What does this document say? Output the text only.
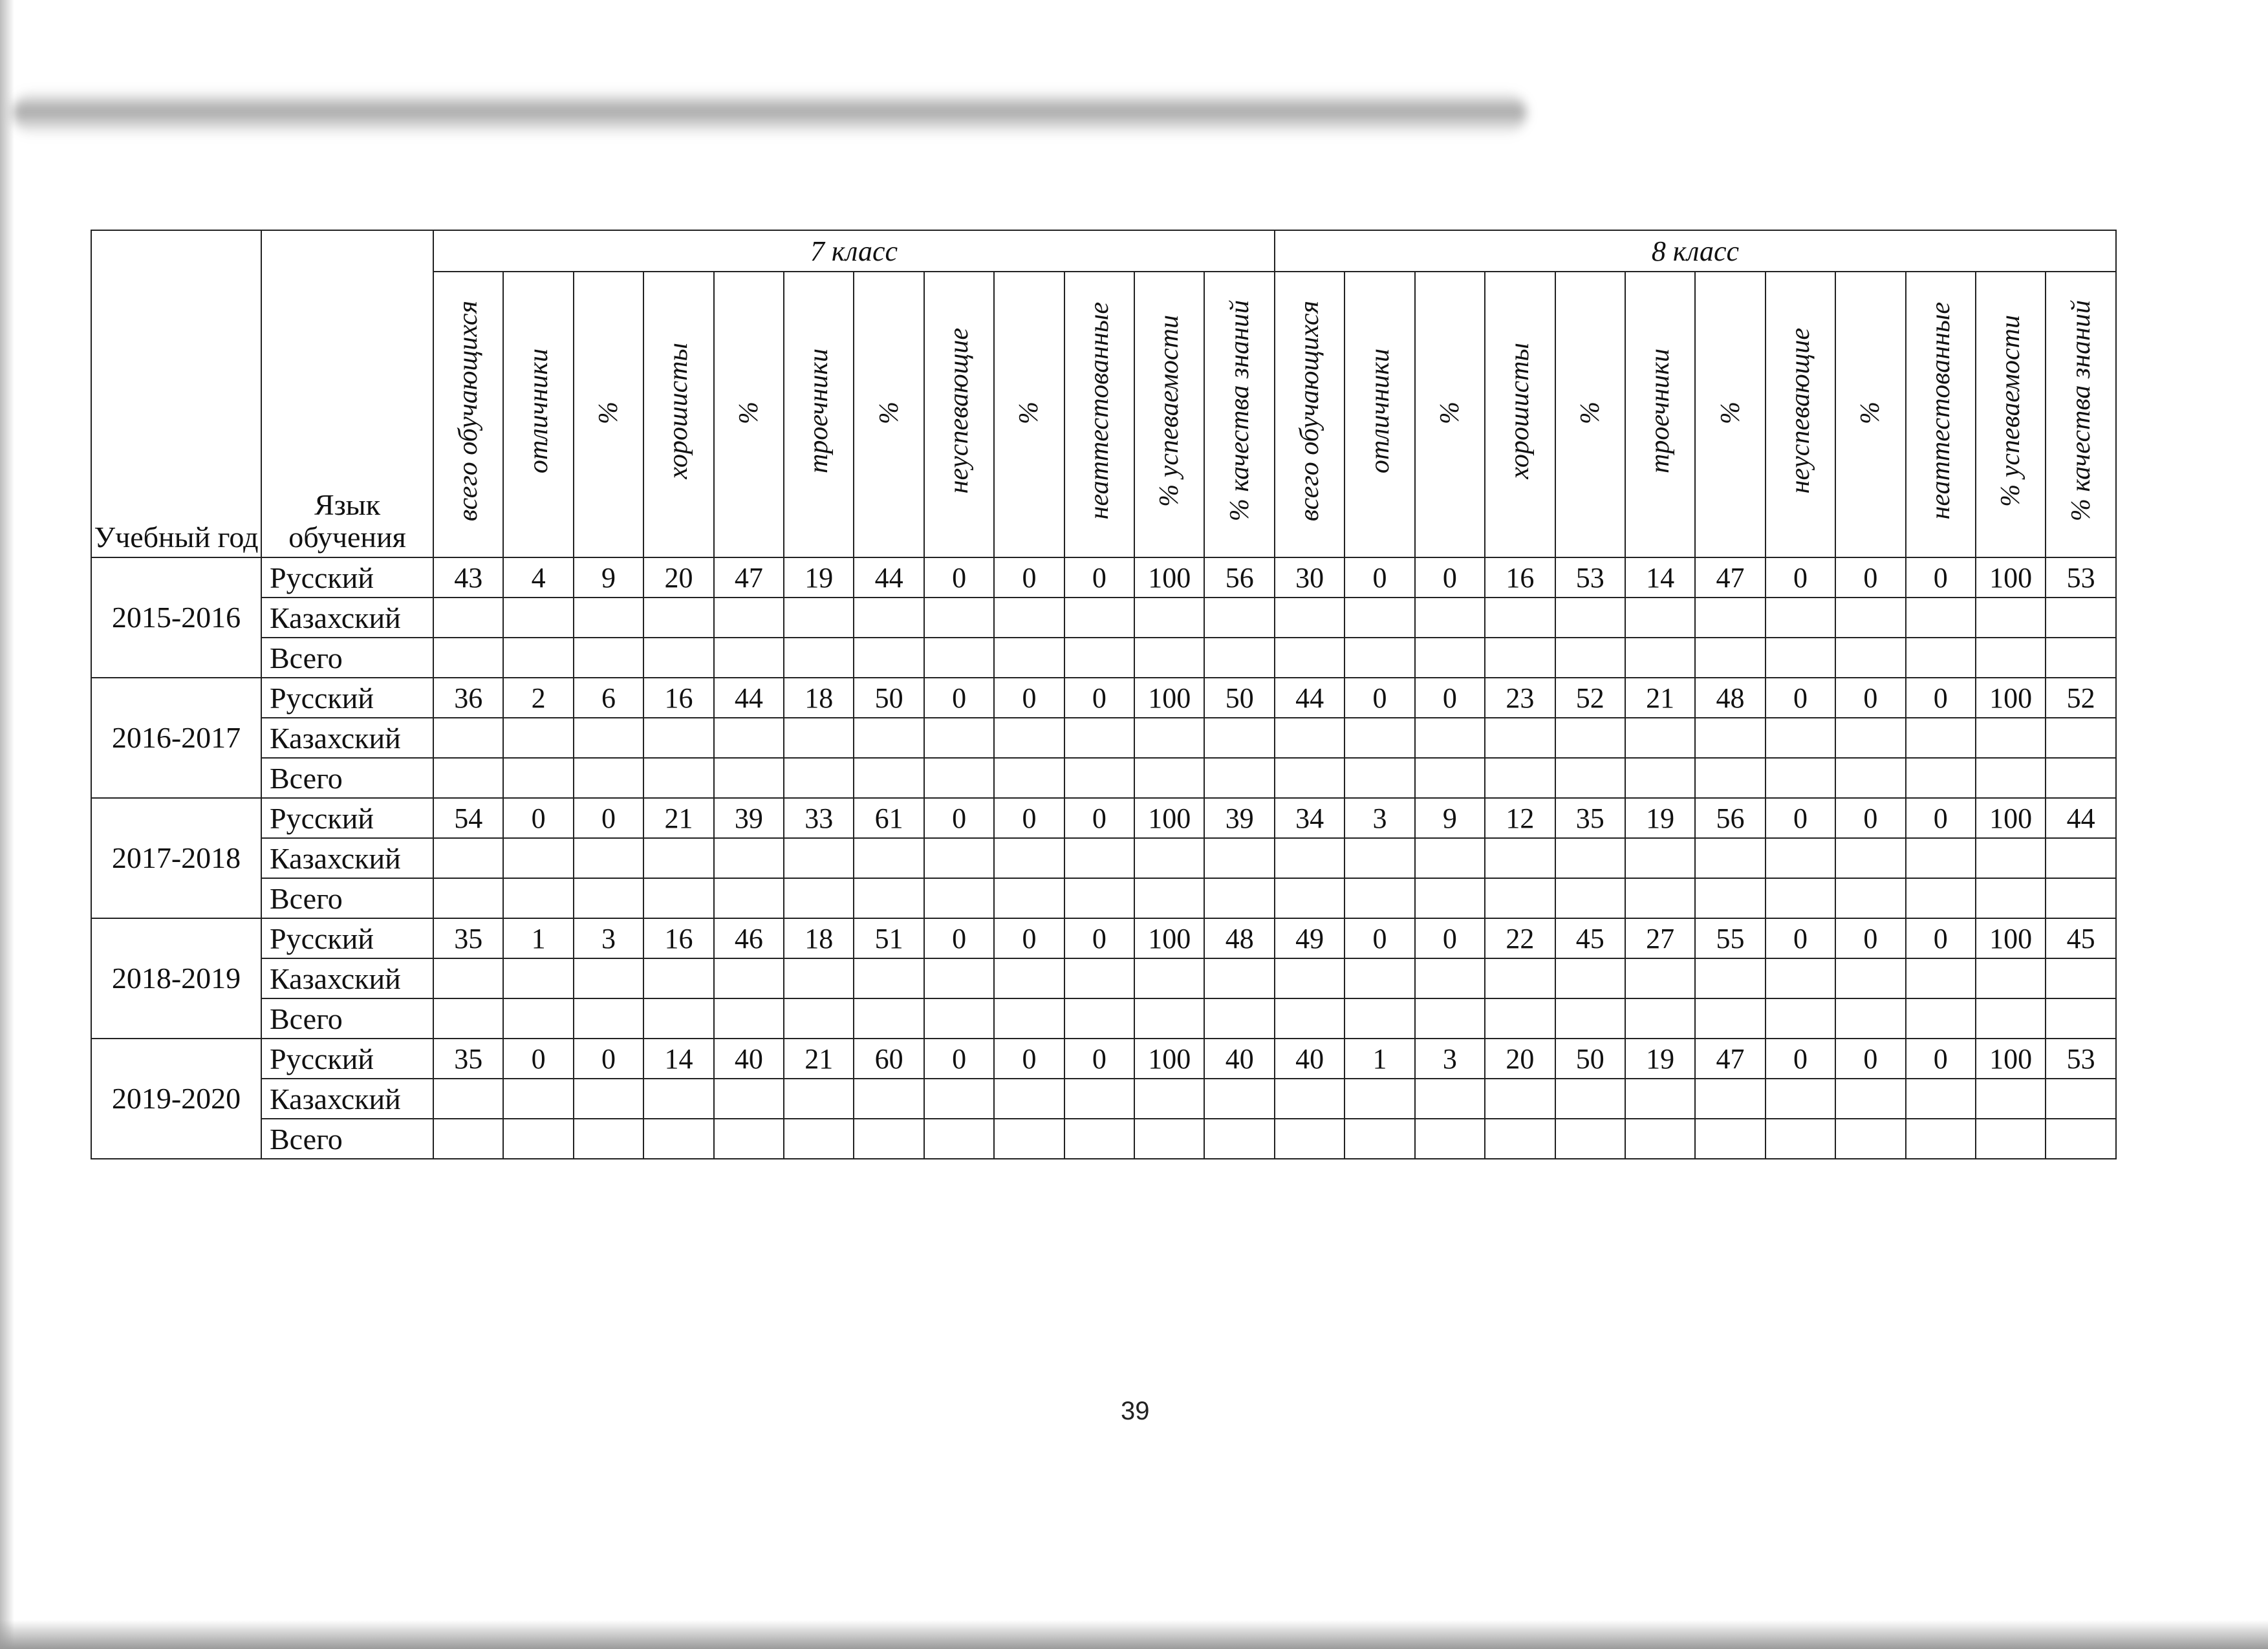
Учебный год	Язык обучения	7 класс												8 класс											
		всего обучающихся	отличники	%	хорошисты	%	троечники	%	неуспевающие	%	неаттестованные	% успеваемости	% качества знаний	всего обучающихся	отличники	%	хорошисты	%	троечники	%	неуспевающие	%	неаттестованные	% успеваемости	% качества знаний
2015-2016	Русский	43	4	9	20	47	19	44	0	0	0	100	56	30	0	0	16	53	14	47	0	0	0	100	53
	Казахский																								
	Всего																								
2016-2017	Русский	36	2	6	16	44	18	50	0	0	0	100	50	44	0	0	23	52	21	48	0	0	0	100	52
	Казахский																								
	Всего																								
2017-2018	Русский	54	0	0	21	39	33	61	0	0	0	100	39	34	3	9	12	35	19	56	0	0	0	100	44
	Казахский																								
	Всего																								
2018-2019	Русский	35	1	3	16	46	18	51	0	0	0	100	48	49	0	0	22	45	27	55	0	0	0	100	45
	Казахский																								
	Всего																								
2019-2020	Русский	35	0	0	14	40	21	60	0	0	0	100	40	40	1	3	20	50	19	47	0	0	0	100	53
	Казахский																								
	Всего																								
39
